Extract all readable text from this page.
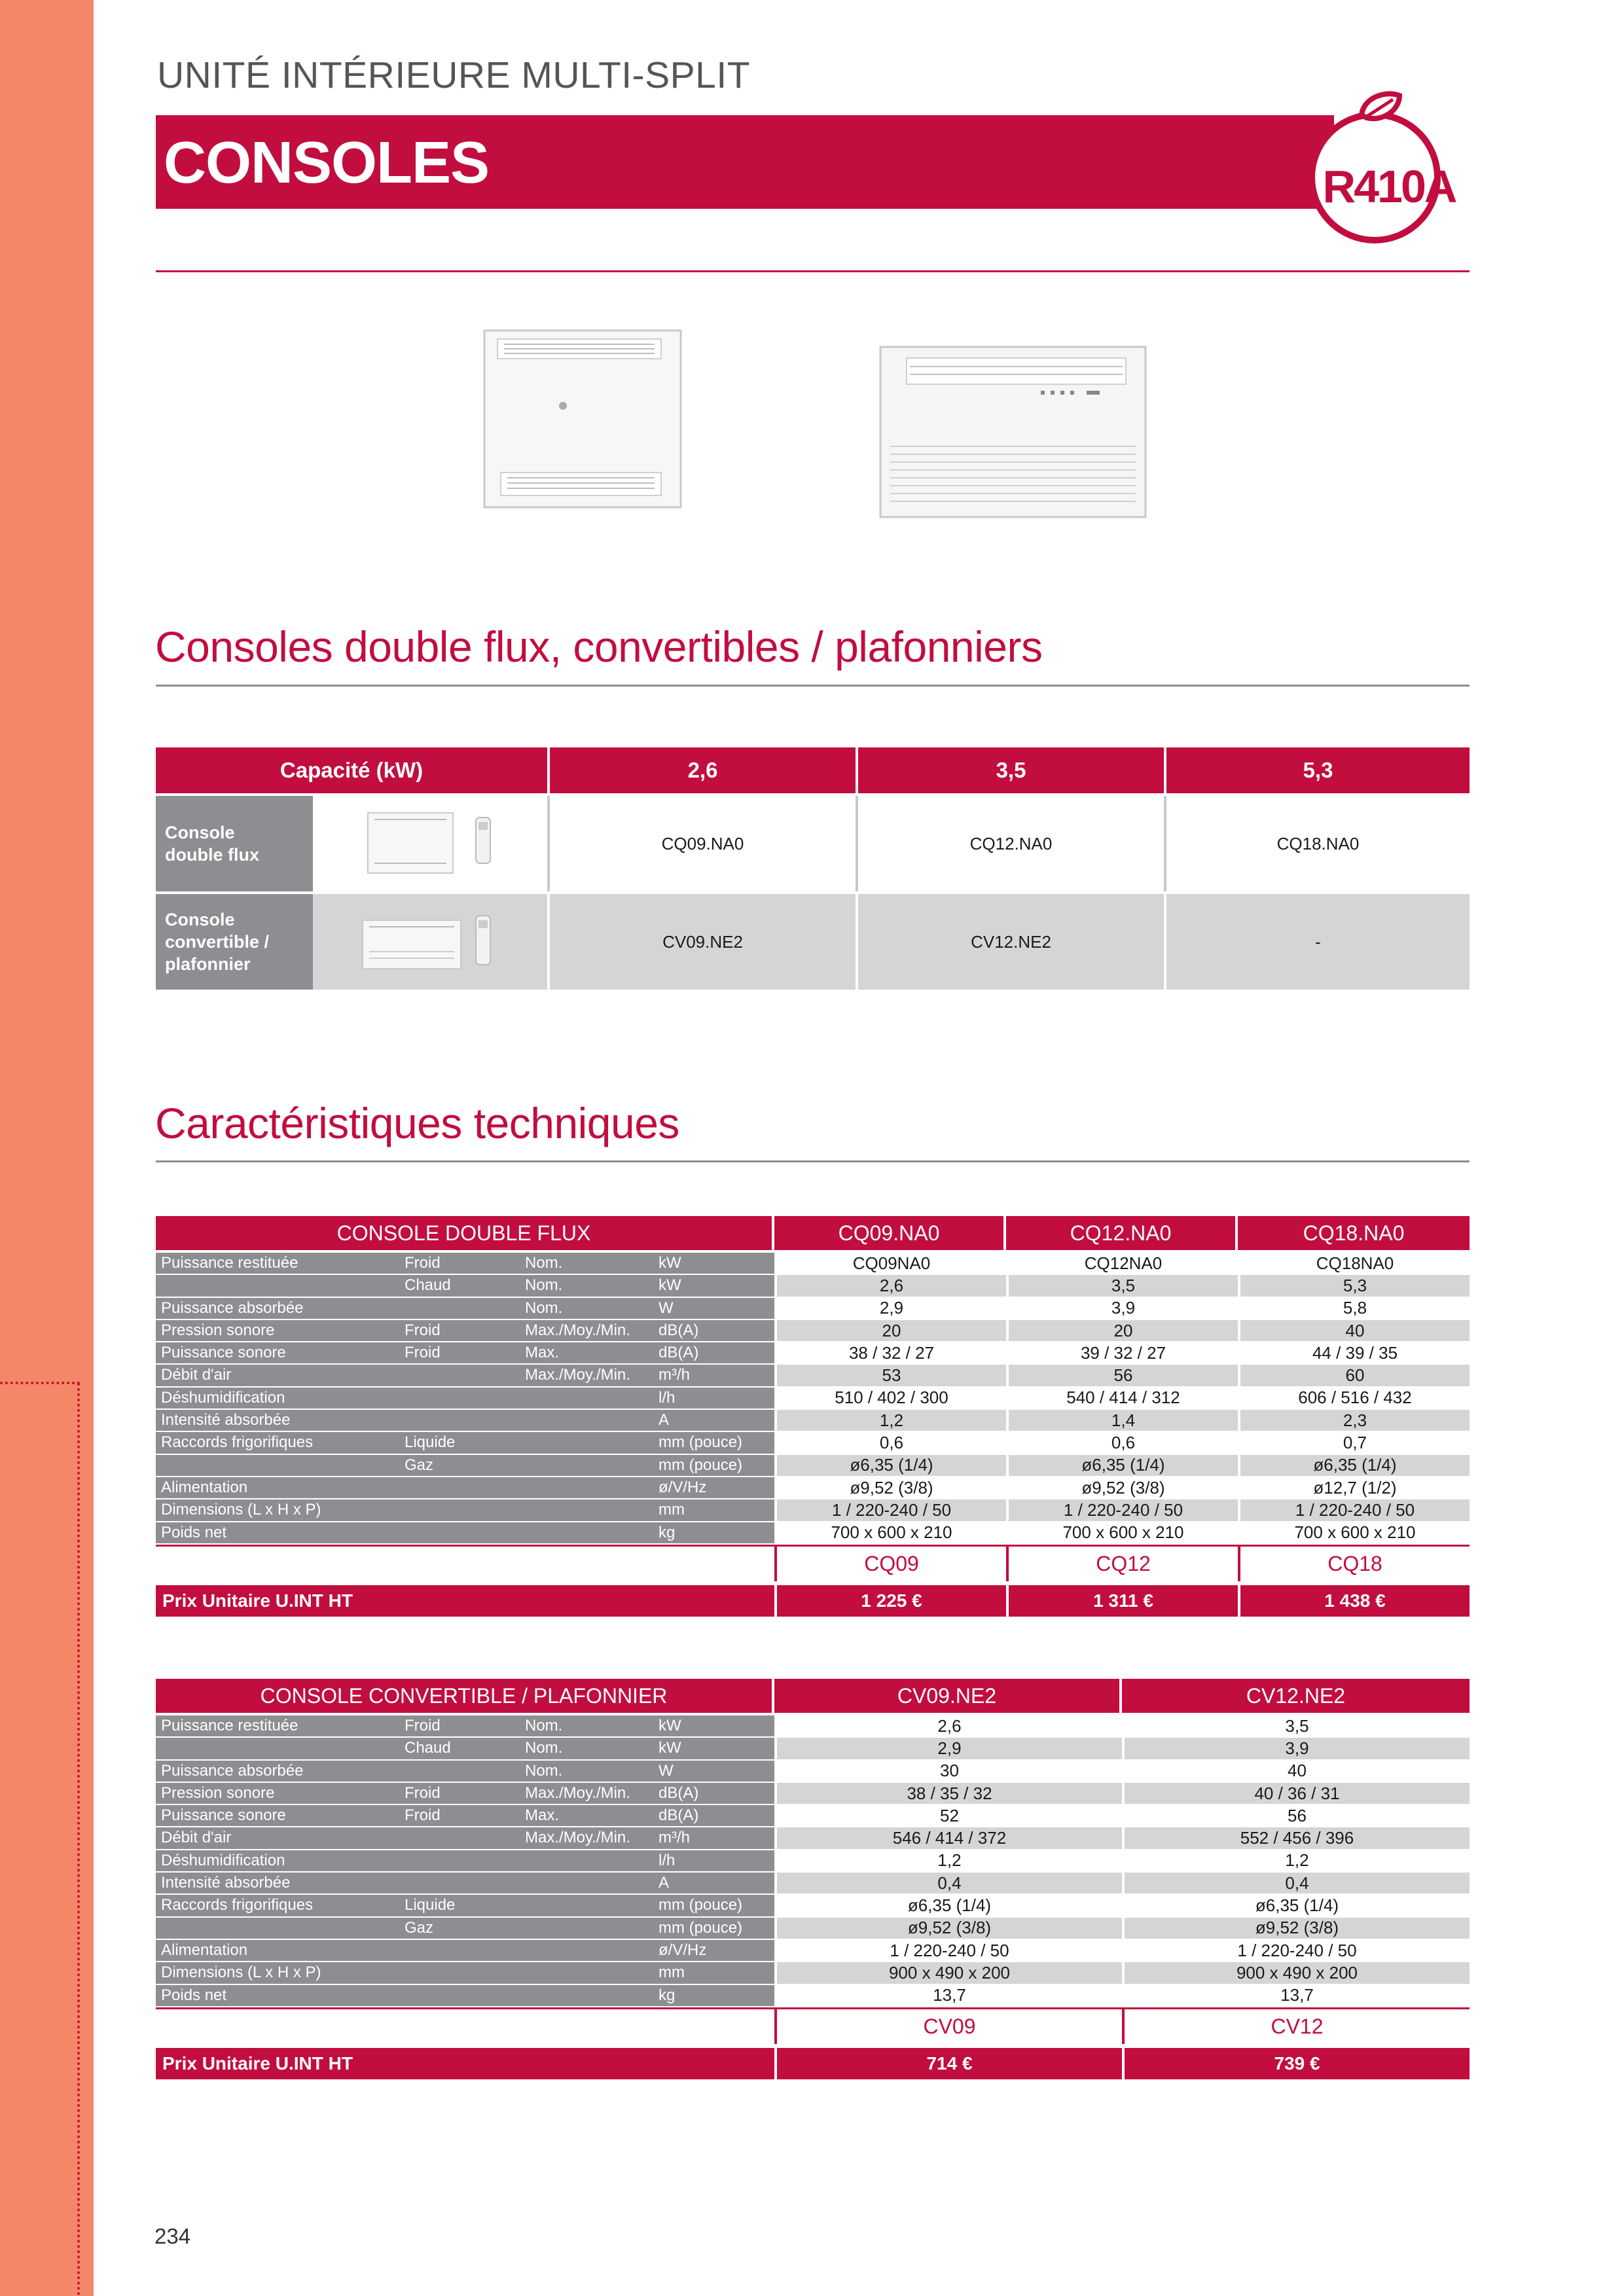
UNITÉ INTÉRIEURE MULTI-SPLIT
CONSOLES	R410A
Consoles double flux, convertibles / plafonniers
Capacité (kW)	2,6	3,5	5,3
Console
double flux
CQ09.NA0	CQ12.NA0	CQ18.NA0
Console
convertible /
plafonnier
CV09.NE2	CV12.NE2	-
Caractéristiques techniques
CONSOLE DOUBLE FLUX	CQ09.NA0	CQ12.NA0	CQ18.NA0
Puissance restituée	Froid	Nom.	kW	CQ09NA0	CQ12NA0	CQ18NA0
Chaud	Nom.	kW	2,6	3,5	5,3
Puissance absorbée	Nom.	W	2,9	3,9	5,8
Pression sonore	Froid	Max./Moy./Min. dB(A)	20	20	40
Puissance sonore	Froid	Max.	dB(A)	38 / 32 / 27	39 / 32 / 27	44 / 39 / 35
Débit d'air	Max./Moy./Min. m³/h	53	56	60
Déshumidification	l/h	510 / 402 / 300	540 / 414 / 312	606 / 516 / 432
Intensité absorbée	A	1,2	1,4	2,3
Raccords frigorifiques	Liquide	mm (pouce)	0,6	0,6	0,7
Gaz	mm (pouce)	ø6,35 (1/4)	ø6,35 (1/4)	ø6,35 (1/4)
Alimentation	ø/V/Hz	ø9,52 (3/8)	ø9,52 (3/8)	ø12,7 (1/2)
Dimensions (L x H x P)	mm	1 / 220-240 / 50	1 / 220-240 / 50	1 / 220-240 / 50
Poids net	kg	700 x 600 x 210	700 x 600 x 210	700 x 600 x 210
CQ09	CQ12	CQ18
Prix Unitaire U.INT HT	1 225 €	1 311 €	1 438 €
CONSOLE CONVERTIBLE / PLAFONNIER	CV09.NE2	CV12.NE2
Puissance restituée	Froid	Nom.	kW	2,6	3,5
Chaud	Nom.	kW	2,9	3,9
Puissance absorbée	Nom.	W	30	40
Pression sonore	Froid	Max./Moy./Min. dB(A)	38 / 35 / 32	40 / 36 / 31
Puissance sonore	Froid	Max.	dB(A)	52	56
Débit d'air	Max./Moy./Min. m³/h	546 / 414 / 372	552 / 456 / 396
Déshumidification	l/h	1,2	1,2
Intensité absorbée	A	0,4	0,4
Raccords frigorifiques	Liquide	mm (pouce)	ø6,35 (1/4)	ø6,35 (1/4)
Gaz	mm (pouce)	ø9,52 (3/8)	ø9,52 (3/8)
Alimentation	ø/V/Hz	1 / 220-240 / 50	1 / 220-240 / 50
Dimensions (L x H x P)	mm	900 x 490 x 200	900 x 490 x 200
Poids net	kg	13,7	13,7
CV09	CV12
Prix Unitaire U.INT HT	714 €	739 €
234
